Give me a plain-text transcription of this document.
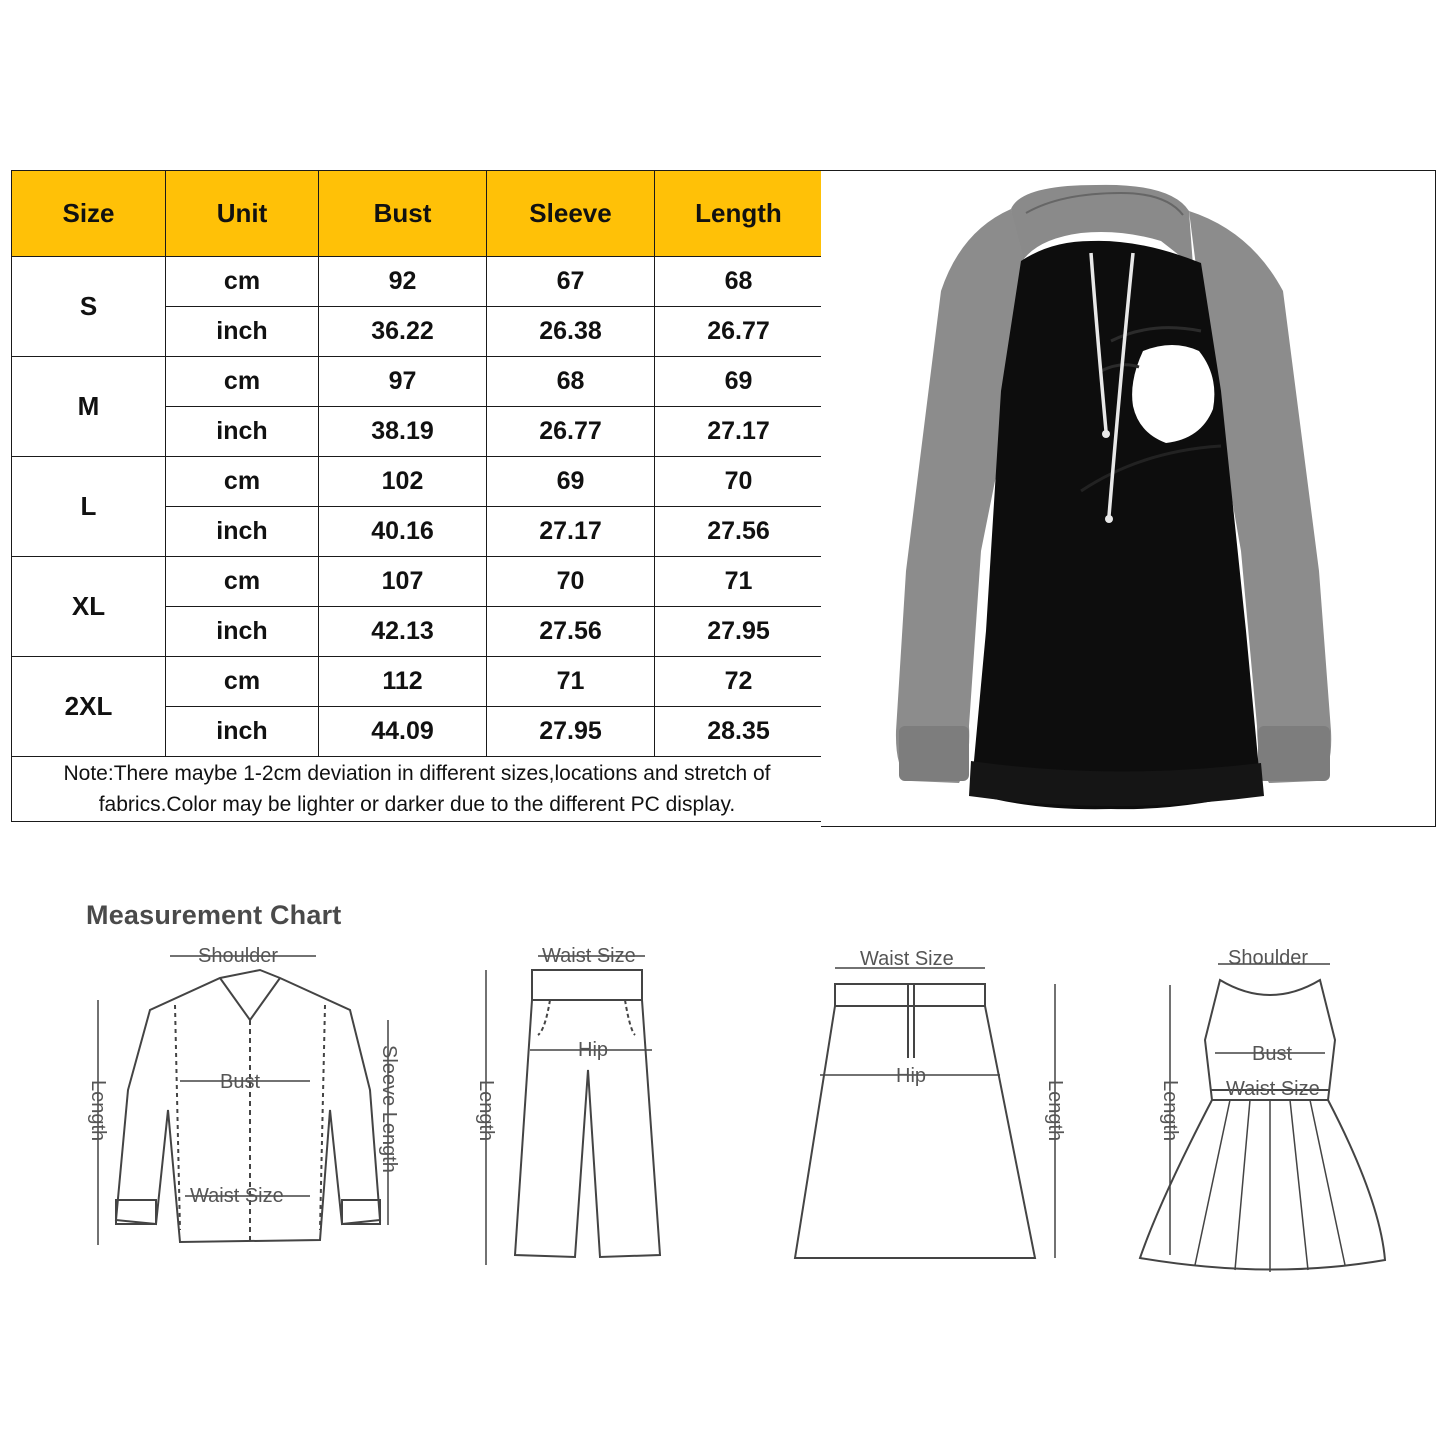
Size	Unit	Bust	Sleeve	Length
S	cm	92	67	68
	inch	36.22	26.38	26.77
M	cm	97	68	69
	inch	38.19	26.77	27.17
L	cm	102	69	70
	inch	40.16	27.17	27.56
XL	cm	107	70	71
	inch	42.13	27.56	27.95
2XL	cm	112	71	72
	inch	44.09	27.95	28.35
Note:There maybe 1-2cm deviation in different sizes,locations and stretch of fabrics.Color may be lighter or darker due to the different PC display.				
Measurement Chart
Shoulder
Bust
Waist Size
Length	Sleeve Length
Waist Size
Hip
Length
Waist Size
Hip
Length
Shoulder
Bust
Waist Size
Length
